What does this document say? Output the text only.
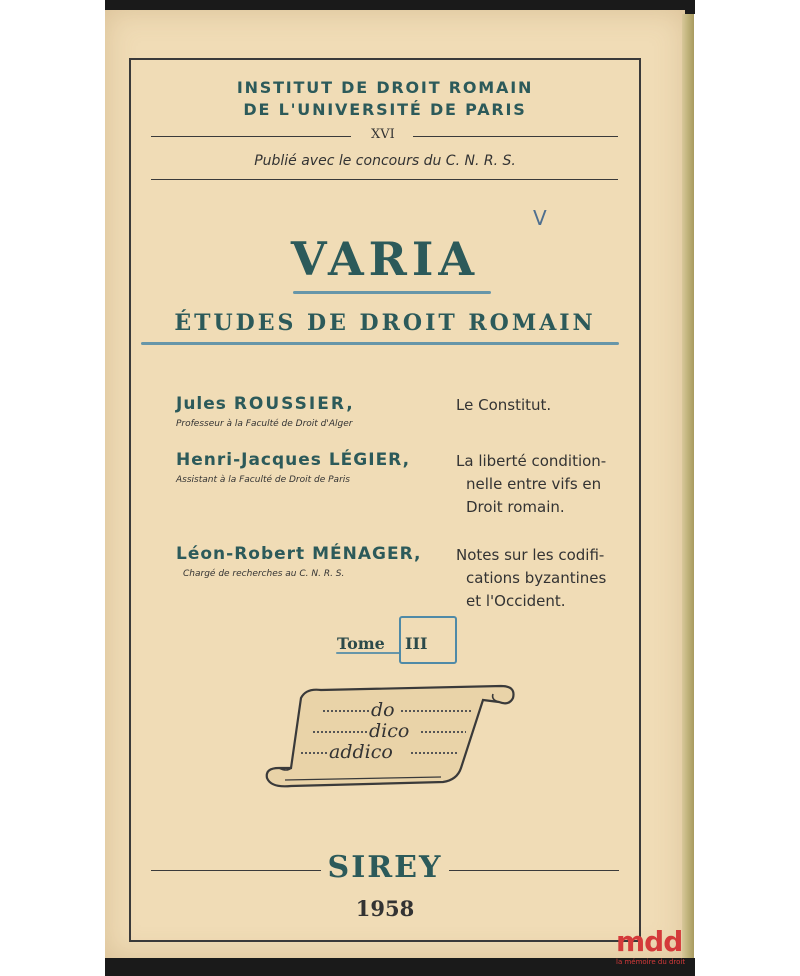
INSTITUT DE DROIT ROMAIN
DE L'UNIVERSITÉ DE PARIS
XVI
Publié avec le concours du C. N. R. S.
V
VARIA
ÉTUDES DE DROIT ROMAIN
Jules ROUSSIER,
Professeur à la Faculté de Droit d'Alger
Le Constitut.
Henri-Jacques LÉGIER,
Assistant à la Faculté de Droit de Paris
La liberté condition-
nelle entre vifs en
Droit romain.
Léon-Robert MÉNAGER,
Chargé de recherches au C. N. R. S.
Notes sur les codifi-
cations byzantines
et l'Occident.
Tome III
do
dico
addico
SIREY
1958
mdd
la mémoire du droit
